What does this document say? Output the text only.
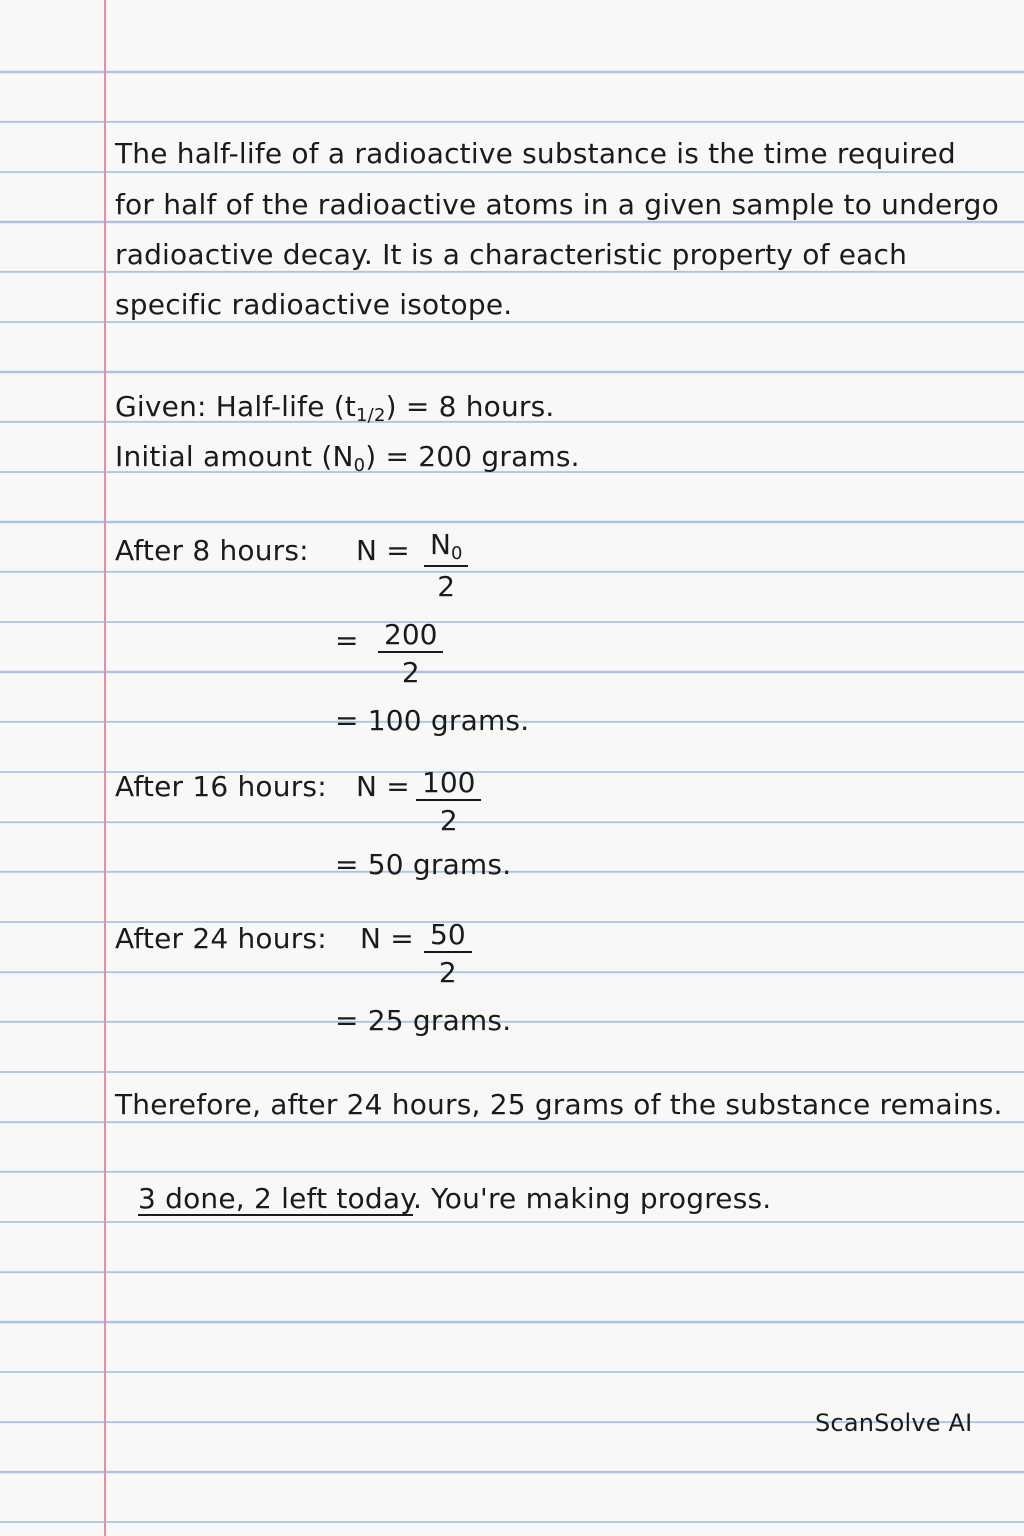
The half-life of a radioactive substance is the time required
for half of the radioactive atoms in a given sample to undergo
radioactive decay. It is a characteristic property of each
specific radioactive isotope.
Given: Half-life $(t_{1/2}) = 8$ hours.
Initial amount $(N_0) = 200$ grams.
After 8 hours: $N = \frac{N_0}{2}$
= $\frac{200}{2}$
= 100 grams.
After 16 hours: $N = \frac{100}{2}$
= 50 grams.
After 24 hours: $N = \frac{50}{2}$
= 25 grams.
Therefore, after 24 hours, 25 grams of the substance remains.
3 done, 2 left today. You're making progress.
ScanSolve AI
